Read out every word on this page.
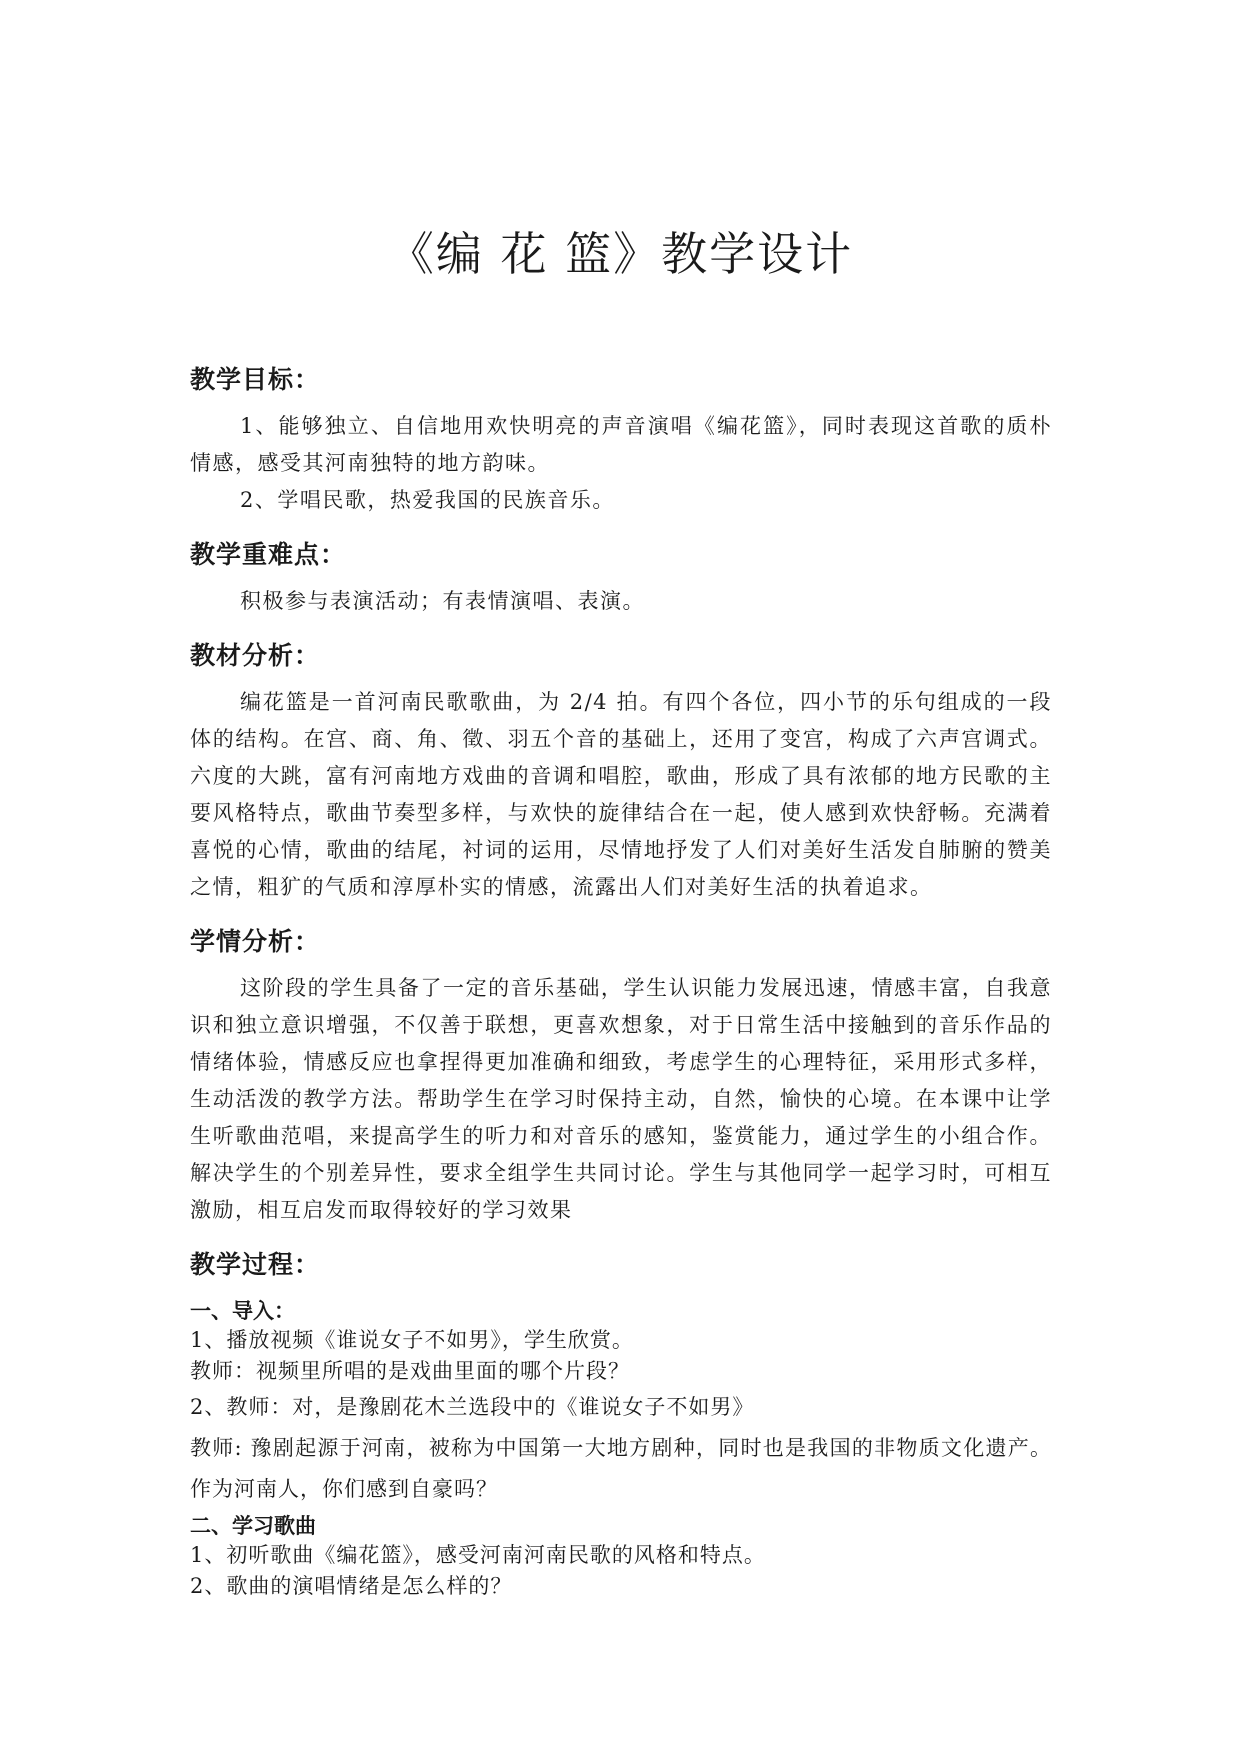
《编 花 篮》教学设计
教学目标：

1、能够独立、自信地用欢快明亮的声音演唱《编花篮》，同时表现这首歌的质朴情感，感受其河南独特的地方韵味。

2、学唱民歌，热爱我国的民族音乐。

教学重难点：

积极参与表演活动；有表情演唱、表演。

教材分析：

编花篮是一首河南民歌歌曲，为 2/4 拍。有四个各位，四小节的乐句组成的一段体的结构。在宫、商、角、徵、羽五个音的基础上，还用了变宫，构成了六声宫调式。六度的大跳，富有河南地方戏曲的音调和唱腔，歌曲，形成了具有浓郁的地方民歌的主要风格特点，歌曲节奏型多样，与欢快的旋律结合在一起，使人感到欢快舒畅。充满着喜悦的心情，歌曲的结尾，衬词的运用，尽情地抒发了人们对美好生活发自肺腑的赞美之情，粗犷的气质和淳厚朴实的情感，流露出人们对美好生活的执着追求。

学情分析：

这阶段的学生具备了一定的音乐基础，学生认识能力发展迅速，情感丰富，自我意识和独立意识增强，不仅善于联想，更喜欢想象，对于日常生活中接触到的音乐作品的情绪体验，情感反应也拿捏得更加准确和细致，考虑学生的心理特征，采用形式多样，生动活泼的教学方法。帮助学生在学习时保持主动，自然，愉快的心境。在本课中让学生听歌曲范唱，来提高学生的听力和对音乐的感知，鉴赏能力，通过学生的小组合作。解决学生的个别差异性，要求全组学生共同讨论。学生与其他同学一起学习时，可相互激励，相互启发而取得较好的学习效果

教学过程：
一、导入：

1、播放视频《谁说女子不如男》，学生欣赏。

教师：视频里所唱的是戏曲里面的哪个片段？

2、教师：对，是豫剧花木兰选段中的《谁说女子不如男》

教师: 豫剧起源于河南，被称为中国第一大地方剧种，同时也是我国的非物质文化遗产。作为河南人，你们感到自豪吗？

二、学习歌曲

1、初听歌曲《编花篮》，感受河南河南民歌的风格和特点。

2、歌曲的演唱情绪是怎么样的？
